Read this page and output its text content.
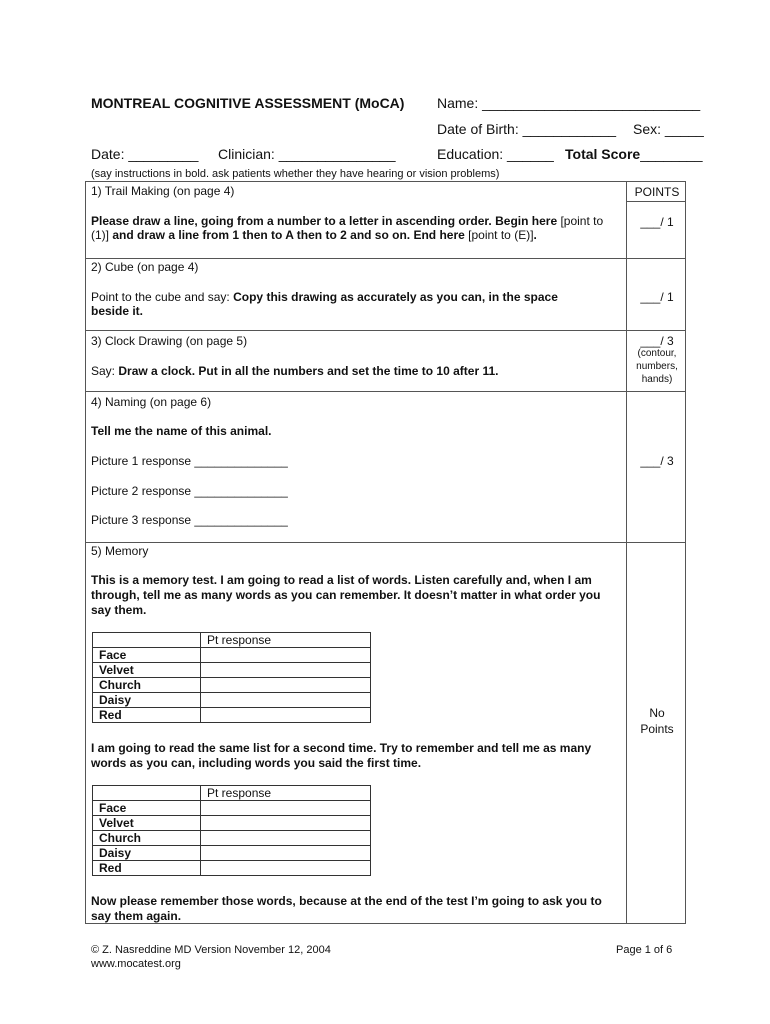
MONTREAL COGNITIVE ASSESSMENT (MoCA) Name: ____________________________
Date of Birth: ____________ Sex: _____
Date: _________ Clinician: _______________	Education: ______ Total Score________
(say instructions in bold. ask patients whether they have hearing or vision problems)
POINTS
1) Trail Making (on page 4)
Please draw a line, going from a number to a letter in ascending order. Begin here [point to (1)] and draw a line from 1 then to A then to 2 and so on. End here [point to (E)].
___/ 1
2) Cube (on page 4)
Point to the cube and say: Copy this drawing as accurately as you can, in the space beside it.
___/ 1
3) Clock Drawing (on page 5)
Say: Draw a clock. Put in all the numbers and set the time to 10 after 11.
___/ 3
(contour,
numbers,
hands)
4) Naming (on page 6)
Tell me the name of this animal.
Picture 1 response ______________
Picture 2 response ______________
Picture 3 response ______________
___/ 3
5) Memory
This is a memory test. I am going to read a list of words. Listen carefully and, when I am through, tell me as many words as you can remember. It doesn’t matter in what order you say them.
	Pt response
Face	
Velvet	
Church	
Daisy	
Red	
I am going to read the same list for a second time. Try to remember and tell me as many words as you can, including words you said the first time.
	Pt response
Face	
Velvet	
Church	
Daisy	
Red	
Now please remember those words, because at the end of the test I’m going to ask you to say them again.
No
Points
© Z. Nasreddine MD Version November 12, 2004
www.mocatest.org
Page 1 of 6
